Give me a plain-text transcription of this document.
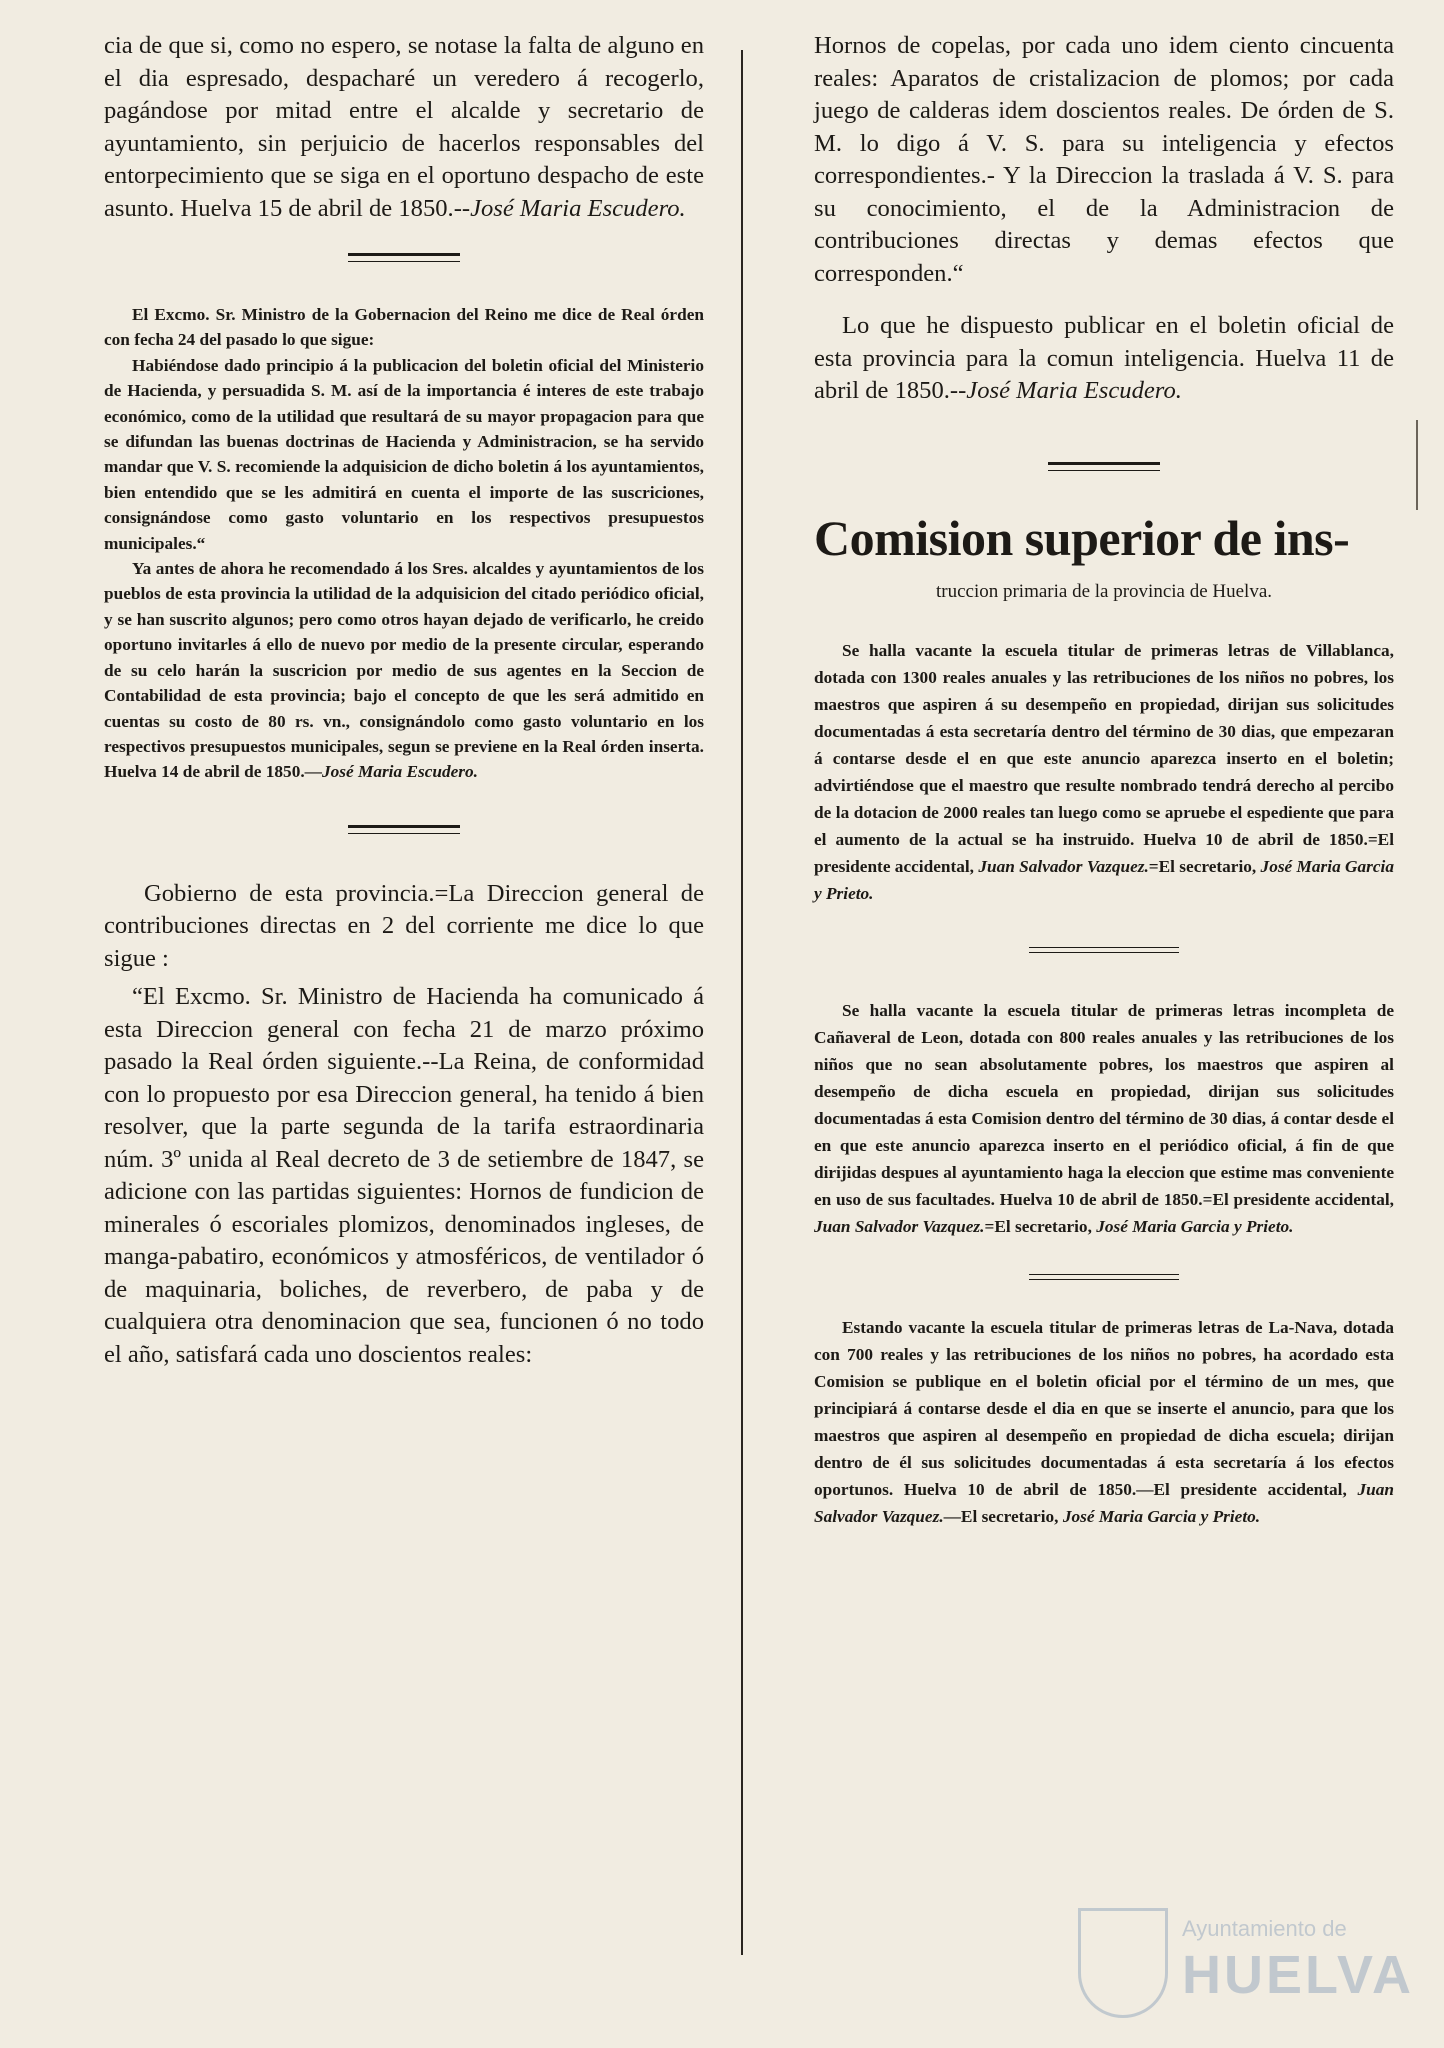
cia de que si, como no espero, se notase la falta de alguno en el dia espresado, despacharé un veredero á recogerlo, pagándose por mitad entre el alcalde y secretario de ayuntamiento, sin perjuicio de hacerlos responsables del entorpecimiento que se siga en el oportuno despacho de este asunto. Huelva 15 de abril de 1850.--José Maria Escudero.

El Excmo. Sr. Ministro de la Gobernacion del Reino me dice de Real órden con fecha 24 del pasado lo que sigue:

Habiéndose dado principio á la publicacion del boletin oficial del Ministerio de Hacienda, y persuadida S. M. así de la importancia é interes de este trabajo económico, como de la utilidad que resultará de su mayor propagacion para que se difundan las buenas doctrinas de Hacienda y Administracion, se ha servido mandar que V. S. recomiende la adquisicion de dicho boletin á los ayuntamientos, bien entendido que se les admitirá en cuenta el importe de las suscriciones, consignándose como gasto voluntario en los respectivos presupuestos municipales.“

Ya antes de ahora he recomendado á los Sres. alcaldes y ayuntamientos de los pueblos de esta provincia la utilidad de la adquisicion del citado periódico oficial, y se han suscrito algunos; pero como otros hayan dejado de verificarlo, he creido oportuno invitarles á ello de nuevo por medio de la presente circular, esperando de su celo harán la suscricion por medio de sus agentes en la Seccion de Contabilidad de esta provincia; bajo el concepto de que les será admitido en cuentas su costo de 80 rs. vn., consignándolo como gasto voluntario en los respectivos presupuestos municipales, segun se previene en la Real órden inserta. Huelva 14 de abril de 1850.—José Maria Escudero.

Gobierno de esta provincia.=La Direccion general de contribuciones directas en 2 del corriente me dice lo que sigue :

“El Excmo. Sr. Ministro de Hacienda ha comunicado á esta Direccion general con fecha 21 de marzo próximo pasado la Real órden siguiente.--La Reina, de conformidad con lo propuesto por esa Direccion general, ha tenido á bien resolver, que la parte segunda de la tarifa estraordinaria núm. 3º unida al Real decreto de 3 de setiembre de 1847, se adicione con las partidas siguientes: Hornos de fundicion de minerales ó escoriales plomizos, denominados ingleses, de manga-pabatiro, económicos y atmosféricos, de ventilador ó de maquinaria, boliches, de reverbero, de paba y de cualquiera otra denominacion que sea, funcionen ó no todo el año, satisfará cada uno doscientos reales:

Hornos de copelas, por cada uno idem ciento cincuenta reales: Aparatos de cristalizacion de plomos; por cada juego de calderas idem doscientos reales. De órden de S. M. lo digo á V. S. para su inteligencia y efectos correspondientes.- Y la Direccion la traslada á V. S. para su conocimiento, el de la Administracion de contribuciones directas y demas efectos que corresponden.“

Lo que he dispuesto publicar en el boletin oficial de esta provincia para la comun inteligencia. Huelva 11 de abril de 1850.--José Maria Escudero.

Comision superior de ins-
truccion primaria de la provincia de Huelva.

Se halla vacante la escuela titular de primeras letras de Villablanca, dotada con 1300 reales anuales y las retribuciones de los niños no pobres, los maestros que aspiren á su desempeño en propiedad, dirijan sus solicitudes documentadas á esta secretaría dentro del término de 30 dias, que empezaran á contarse desde el en que este anuncio aparezca inserto en el boletin; advirtiéndose que el maestro que resulte nombrado tendrá derecho al percibo de la dotacion de 2000 reales tan luego como se apruebe el espediente que para el aumento de la actual se ha instruido. Huelva 10 de abril de 1850.=El presidente accidental, Juan Salvador Vazquez.=El secretario, José Maria Garcia y Prieto.

Se halla vacante la escuela titular de primeras letras incompleta de Cañaveral de Leon, dotada con 800 reales anuales y las retribuciones de los niños que no sean absolutamente pobres, los maestros que aspiren al desempeño de dicha escuela en propiedad, dirijan sus solicitudes documentadas á esta Comision dentro del término de 30 dias, á contar desde el en que este anuncio aparezca inserto en el periódico oficial, á fin de que dirijidas despues al ayuntamiento haga la eleccion que estime mas conveniente en uso de sus facultades. Huelva 10 de abril de 1850.=El presidente accidental, Juan Salvador Vazquez.=El secretario, José Maria Garcia y Prieto.

Estando vacante la escuela titular de primeras letras de La-Nava, dotada con 700 reales y las retribuciones de los niños no pobres, ha acordado esta Comision se publique en el boletin oficial por el término de un mes, que principiará á contarse desde el dia en que se inserte el anuncio, para que los maestros que aspiren al desempeño en propiedad de dicha escuela; dirijan dentro de él sus solicitudes documentadas á esta secretaría á los efectos oportunos. Huelva 10 de abril de 1850.—El presidente accidental, Juan Salvador Vazquez.—El secretario, José Maria Garcia y Prieto.

Ayuntamiento de
HUELVA
